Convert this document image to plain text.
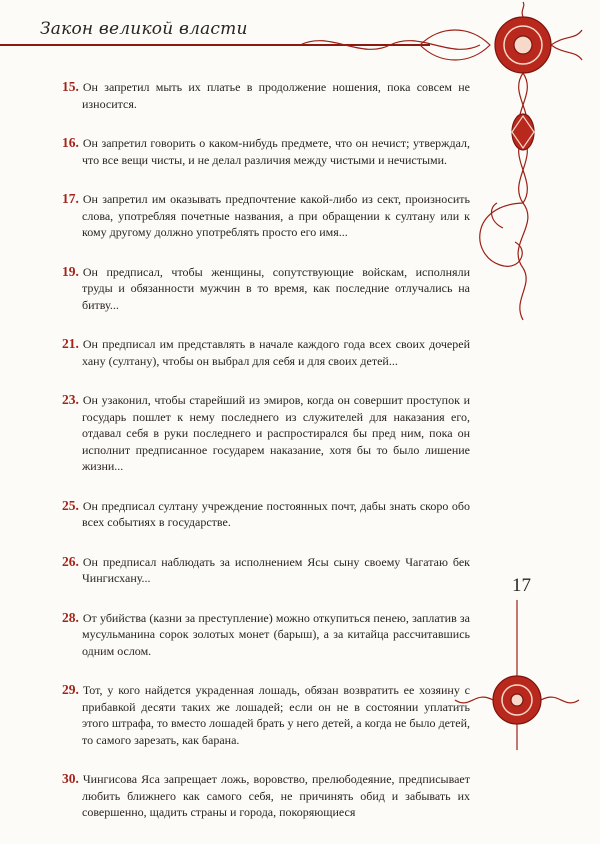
Закон великой власти
17

15. Он запретил мыть их платье в продолжение ношения, пока совсем не износится.

16. Он запретил говорить о каком-нибудь предмете, что он нечист; утверждал, что все вещи чисты, и не делал различия между чистыми и нечистыми.

17. Он запретил им оказывать предпочтение какой-либо из сект, произносить слова, употребляя почетные названия, а при обращении к султану или к кому другому должно употреблять просто его имя...

19. Он предписал, чтобы женщины, сопутствующие войскам, исполняли труды и обязанности мужчин в то время, как последние отлучались на битву...

21. Он предписал им представлять в начале каждого года всех своих дочерей хану (султану), чтобы он выбрал для себя и для своих детей...

23. Он узаконил, чтобы старейший из эмиров, когда он совершит проступок и государь пошлет к нему последнего из служителей для наказания его, отдавал себя в руки последнего и распростирался бы пред ним, пока он исполнит предписанное государем наказание, хотя бы то было лишение жизни...

25. Он предписал султану учреждение постоянных почт, дабы знать скоро обо всех событиях в государстве.

26. Он предписал наблюдать за исполнением Ясы сыну своему Чагатаю бек Чингисхану...

28. От убийства (казни за преступление) можно откупиться пенею, заплатив за мусульманина сорок золотых монет (барыш), а за китайца рассчитавшись одним ослом.

29. Тот, у кого найдется украденная лошадь, обязан возвратить ее хозяину с прибавкой десяти таких же лошадей; если он не в состоянии уплатить этого штрафа, то вместо лошадей брать у него детей, а когда не было детей, то самого зарезать, как барана.

30. Чингисова Яса запрещает ложь, воровство, прелюбодеяние, предписывает любить ближнего как самого себя, не причинять обид и забывать их совершенно, щадить страны и города, покоряющиеся
